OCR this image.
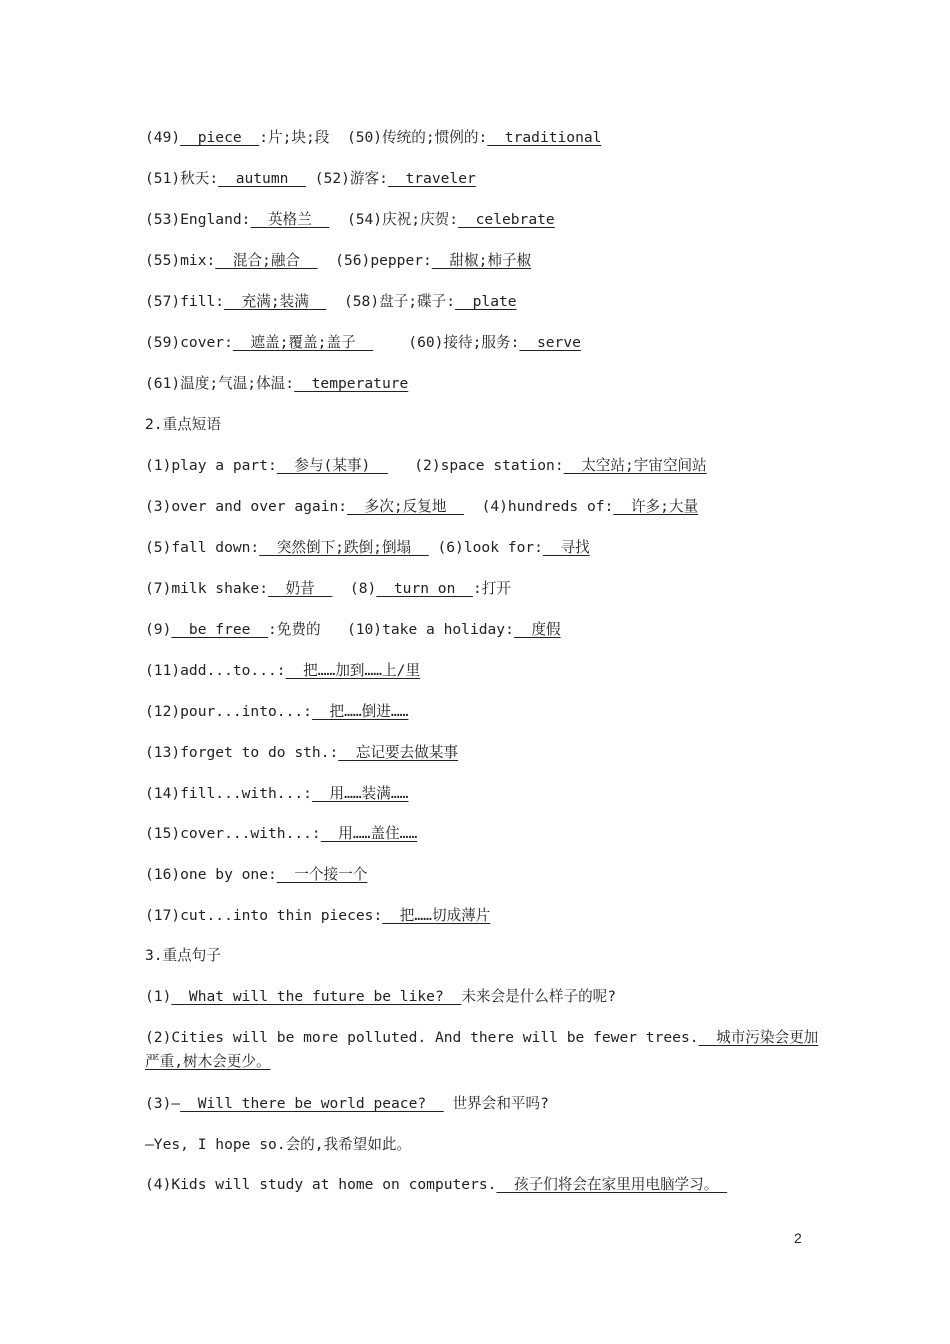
(49)  piece  :片;块;段  (50)传统的;惯例的:  traditional
(51)秋天:  autumn   (52)游客:  traveler
(53)England:  英格兰    (54)庆祝;庆贺:  celebrate
(55)mix:  混合;融合    (56)pepper:  甜椒;柿子椒
(57)fill:  充满;装满    (58)盘子;碟子:  plate
(59)cover:  遮盖;覆盖;盖子      (60)接待;服务:  serve
(61)温度;气温;体温:  temperature
2.重点短语
(1)play a part:  参与(某事)     (2)space station:  太空站;宇宙空间站
(3)over and over again:  多次;反复地    (4)hundreds of:  许多;大量
(5)fall down:  突然倒下;跌倒;倒塌   (6)look for:  寻找
(7)milk shake:  奶昔    (8)  turn on  :打开
(9)  be free  :免费的   (10)take a holiday:  度假
(11)add...to...:  把……加到……上/里
(12)pour...into...:  把……倒进……
(13)forget to do sth.:  忘记要去做某事
(14)fill...with...:  用……装满……
(15)cover...with...:  用……盖住……
(16)one by one:  一个接一个
(17)cut...into thin pieces:  把……切成薄片
3.重点句子
(1)  What will the future be like?  未来会是什么样子的呢?
(2)Cities will be more polluted. And there will be fewer trees.  城市污染会更加
严重,树木会更少。
(3)—  Will there be world peace?   世界会和平吗?
—Yes, I hope so.会的,我希望如此。
(4)Kids will study at home on computers.  孩子们将会在家里用电脑学习。
2
